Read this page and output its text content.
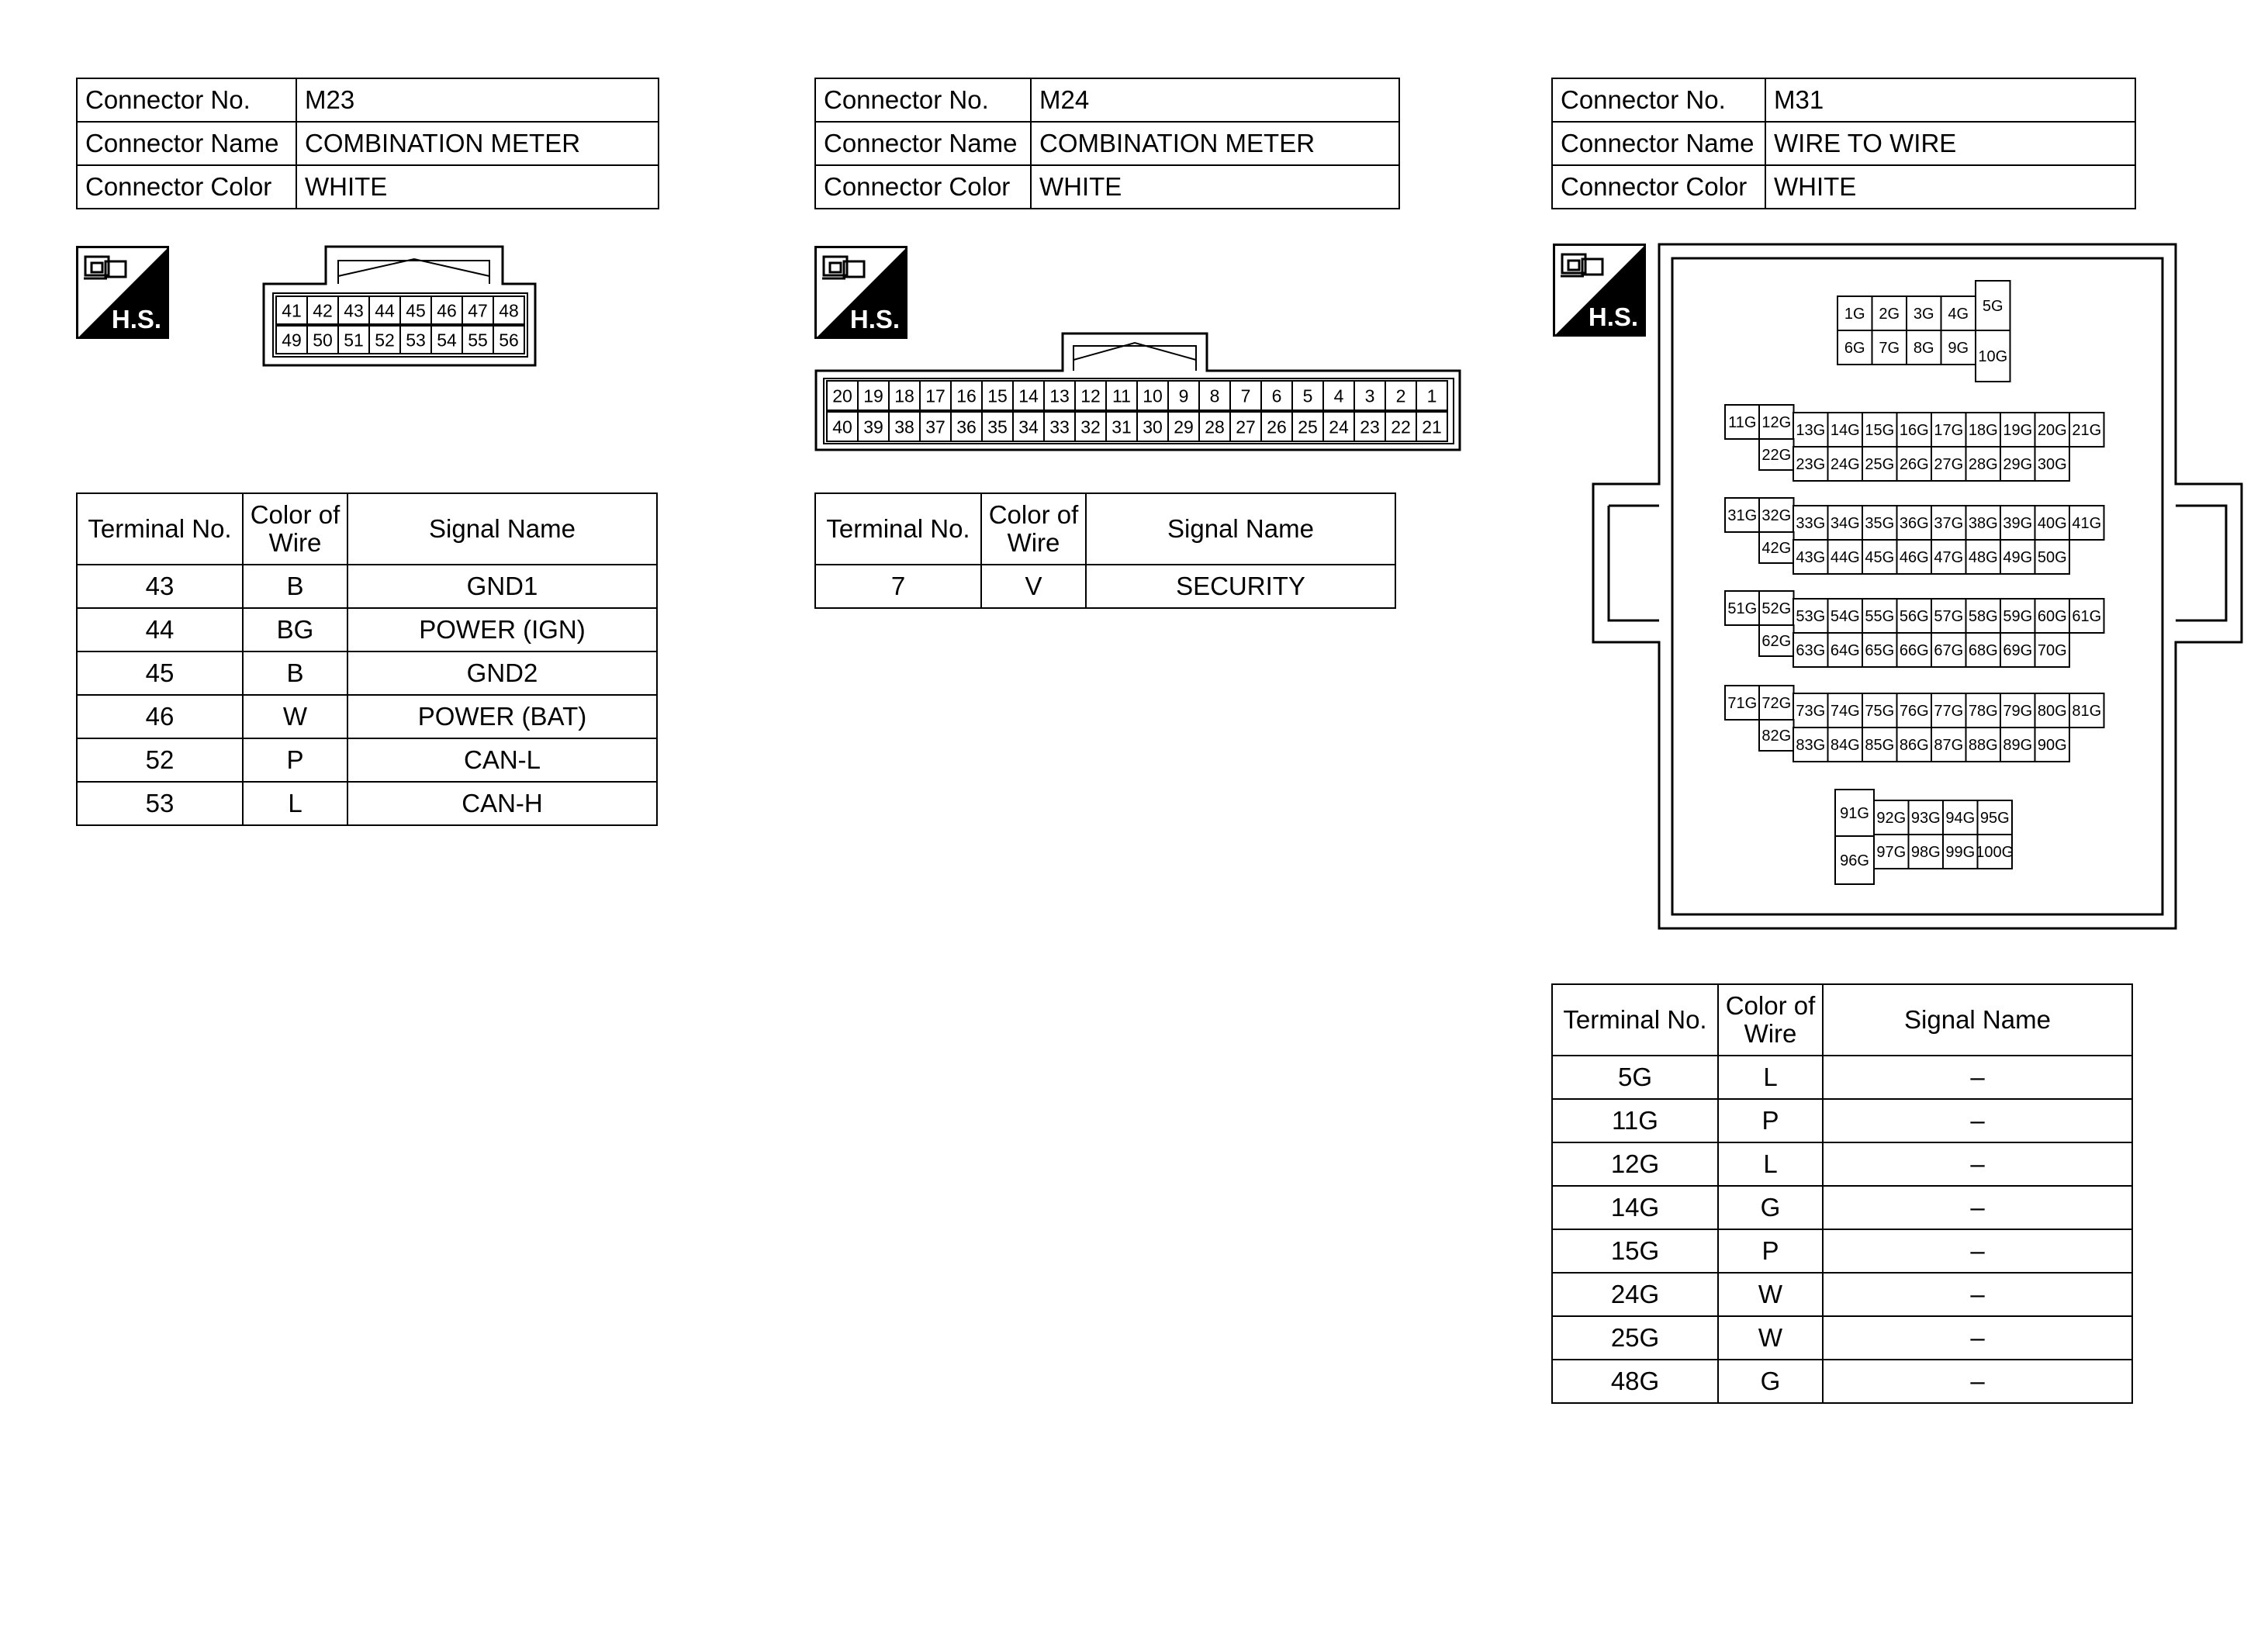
Connector No.	M23
Connector Name	COMBINATION METER
Connector Color	WHITE
H.S.	41 42 43 44 45 46 47 48
49 50 51 52 53 54 55 56
Terminal No.	Color of Wire	Signal Name
43	B	GND1
44	BG	POWER (IGN)
45	B	GND2
46	W	POWER (BAT)
52	P	CAN-L
53	L	CAN-H
Connector No.	M24
Connector Name	COMBINATION METER
Connector Color	WHITE
H.S.
20 19 18 17 16 15 14 13 12 11 10 9 8 7 6 5 4 3 2 1
40 39 38 37 36 35 34 33 32 31 30 29 28 27 26 25 24 23 22 21
Terminal No.	Color of Wire	Signal Name
7	V	SECURITY
Connector No.	M31
Connector Name	WIRE TO WIRE
Connector Color	WHITE
H.S.	1G 2G 3G 4G 5G
6G 7G 8G 9G 10G
11G 12G 13G 14G 15G 16G 17G 18G 19G 20G 21G
22G
23G 24G 25G 26G 27G 28G 29G 30G
31G 32G 33G 34G 35G 36G 37G 38G 39G 40G 41G
42G
43G 44G 45G 46G 47G 48G 49G 50G
51G 52G 53G 54G 55G 56G 57G 58G 59G 60G 61G
62G
63G 64G 65G 66G 67G 68G 69G 70G
71G 72G 73G 74G 75G 76G 77G 78G 79G 80G 81G
82G
83G 84G 85G 86G 87G 88G 89G 90G
91G 92G 93G 94G 95G
96G 97G 98G 99G 100G
Terminal No.	Color of Wire	Signal Name
5G	L	–
11G	P	–
12G	L	–
14G	G	–
15G	P	–
24G	W	–
25G	W	–
48G	G	–
